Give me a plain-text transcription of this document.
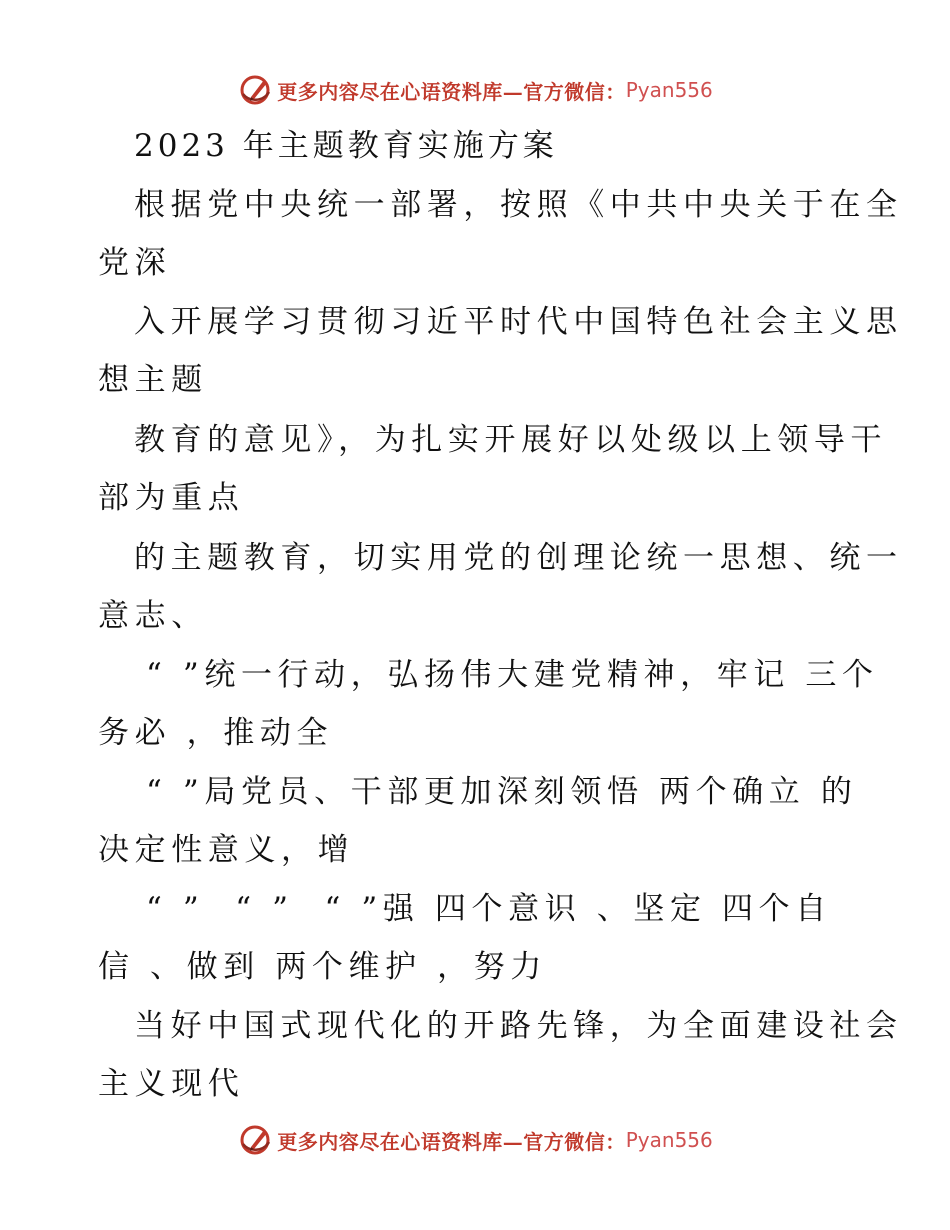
更多内容尽在心语资料库—官方微信： Pyan556
2023 年主题教育实施方案
根据党中央统一部署，按照《中共中央关于在全
党深
入开展学习贯彻习近平时代中国特色社会主义思
想主题
教育的意见》，为扎实开展好以处级以上领导干
部为重点
的主题教育，切实用党的创理论统一思想、统一
意志、
“ ”统一行动，弘扬伟大建党精神，牢记 三个
务必 ，推动全
“ ”局党员、干部更加深刻领悟 两个确立 的
决定性意义，增
“ ”  “ ”  “ ”强 四个意识 、坚定 四个自
信 、做到 两个维护 ，努力
当好中国式现代化的开路先锋，为全面建设社会
主义现代
更多内容尽在心语资料库—官方微信： Pyan556
